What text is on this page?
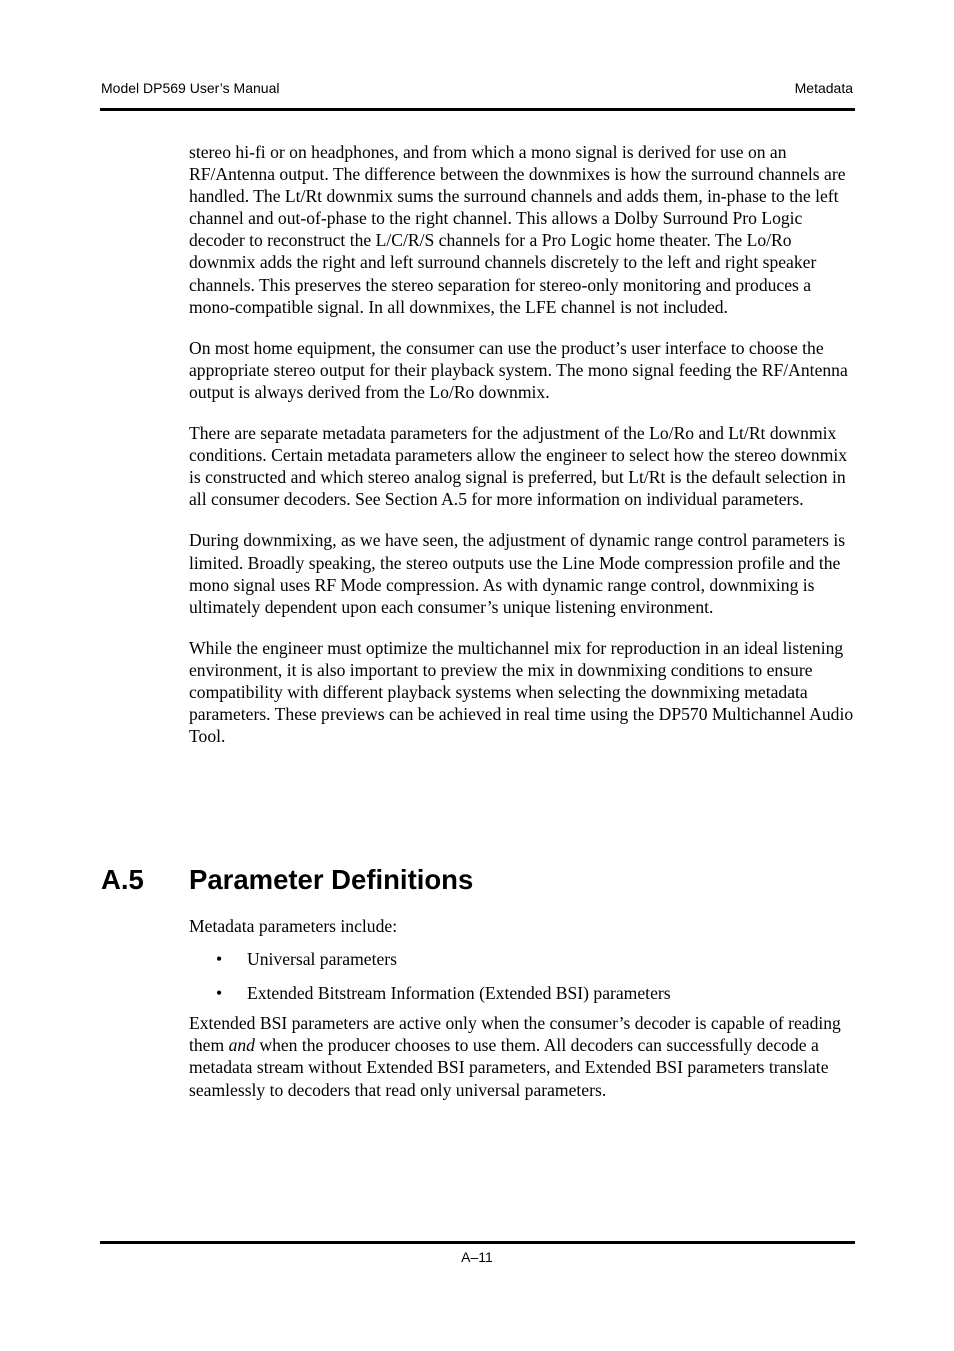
Model DP569 User’s Manual	Metadata

stereo hi-fi or on headphones, and from which a mono signal is derived for use on an RF/Antenna output. The difference between the downmixes is how the surround channels are handled. The Lt/Rt downmix sums the surround channels and adds them, in-phase to the left channel and out-of-phase to the right channel. This allows a Dolby Surround Pro Logic decoder to reconstruct the L/C/R/S channels for a Pro Logic home theater. The Lo/Ro downmix adds the right and left surround channels discretely to the left and right speaker channels. This preserves the stereo separation for stereo-only monitoring and produces a mono-compatible signal. In all downmixes, the LFE channel is not included.

On most home equipment, the consumer can use the product’s user interface to choose the appropriate stereo output for their playback system. The mono signal feeding the RF/Antenna output is always derived from the Lo/Ro downmix.

There are separate metadata parameters for the adjustment of the Lo/Ro and Lt/Rt downmix conditions. Certain metadata parameters allow the engineer to select how the stereo downmix is constructed and which stereo analog signal is preferred, but Lt/Rt is the default selection in all consumer decoders. See Section A.5 for more information on individual parameters.

During downmixing, as we have seen, the adjustment of dynamic range control parameters is limited. Broadly speaking, the stereo outputs use the Line Mode compression profile and the mono signal uses RF Mode compression. As with dynamic range control, downmixing is ultimately dependent upon each consumer’s unique listening environment.

While the engineer must optimize the multichannel mix for reproduction in an ideal listening environment, it is also important to preview the mix in downmixing conditions to ensure compatibility with different playback systems when selecting the downmixing metadata parameters. These previews can be achieved in real time using the DP570 Multichannel Audio Tool.

A.5 Parameter Definitions

Metadata parameters include:

• Universal parameters
• Extended Bitstream Information (Extended BSI) parameters

Extended BSI parameters are active only when the consumer’s decoder is capable of reading them and when the producer chooses to use them. All decoders can successfully decode a metadata stream without Extended BSI parameters, and Extended BSI parameters translate seamlessly to decoders that read only universal parameters.

A–11
